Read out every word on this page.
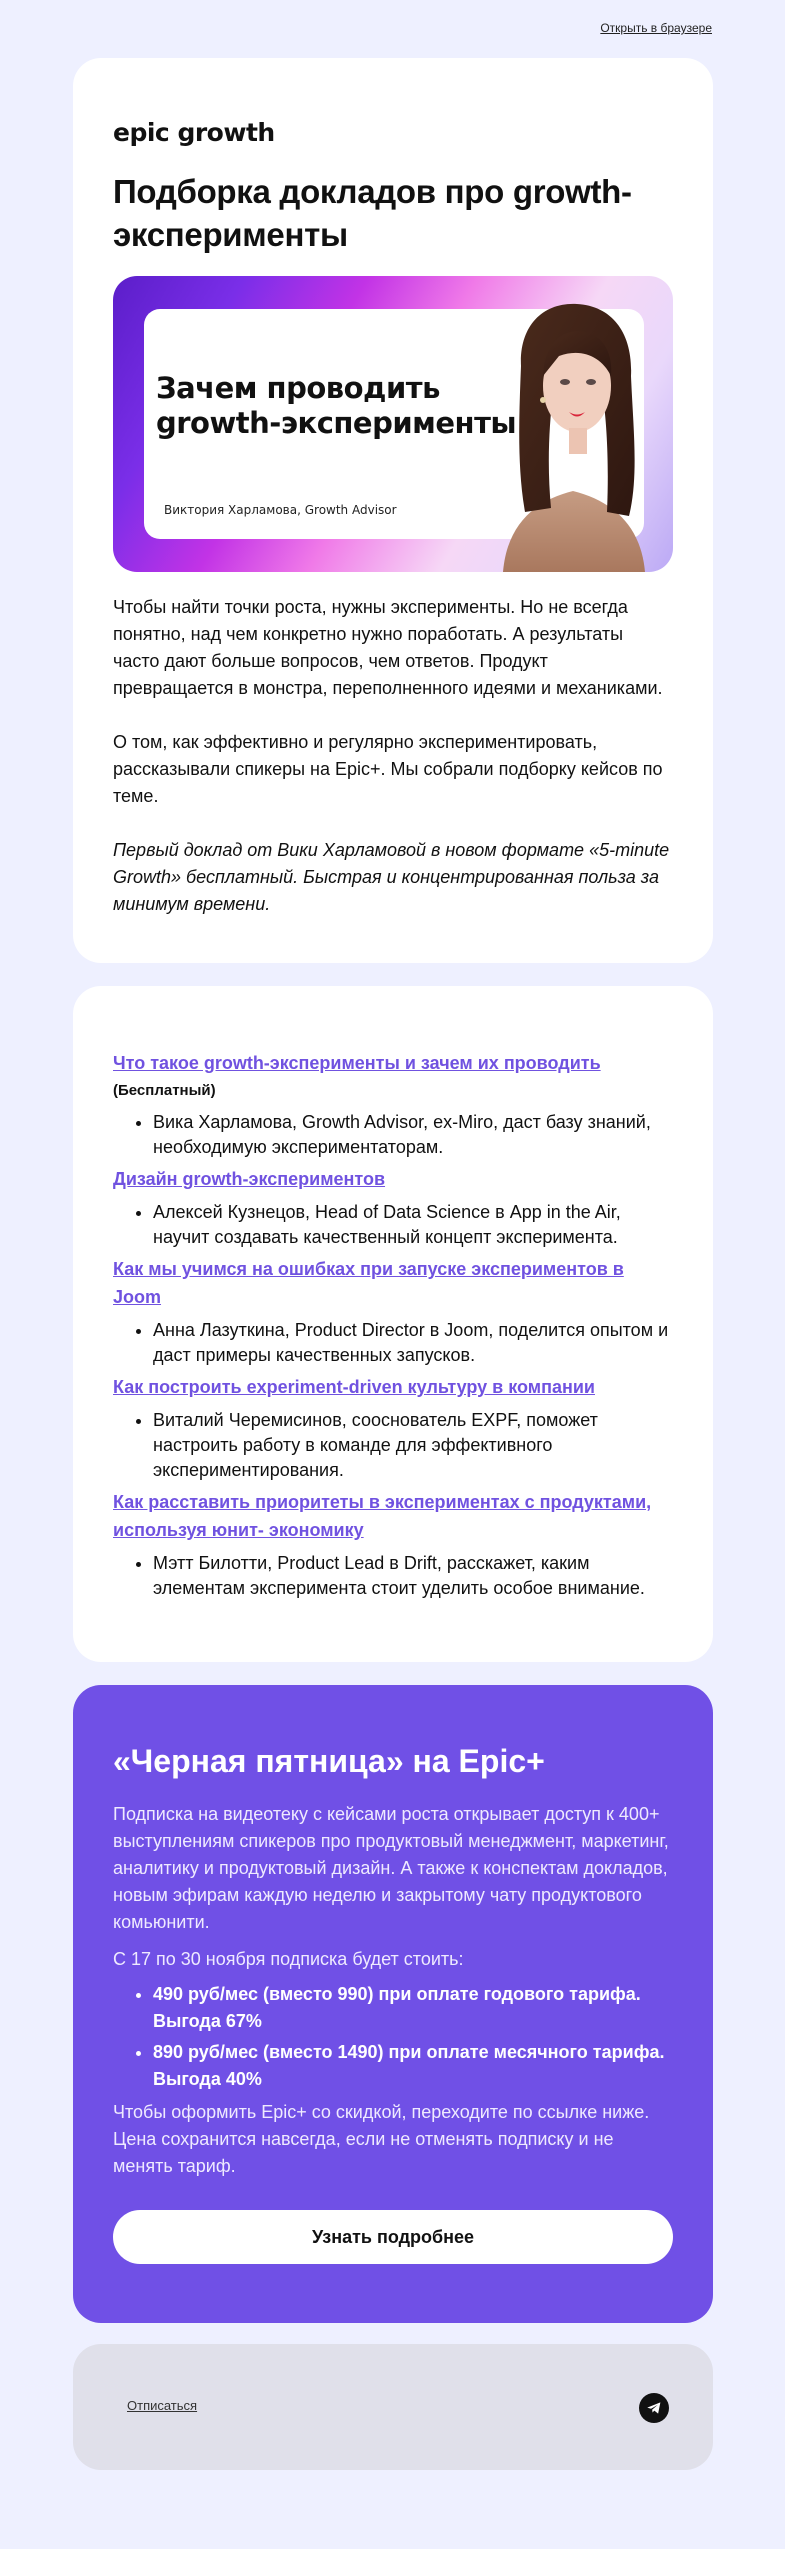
Открыть в браузере
epic growth
Подборка докладов про growth-эксперименты
Зачем проводить growth-эксперименты
Виктория Харламова, Growth Advisor

Чтобы найти точки роста, нужны эксперименты. Но не всегда понятно, над чем конкретно нужно поработать. А результаты часто дают больше вопросов, чем ответов. Продукт превращается в монстра, переполненного идеями и механиками.

О том, как эффективно и регулярно экспериментировать, рассказывали спикеры на Epic+. Мы собрали подборку кейсов по теме.

Первый доклад от Вики Харламовой в новом формате «5-minute Growth» бесплатный. Быстрая и концентрированная польза за минимум времени.

Что такое growth-эксперименты и зачем их проводить (Бесплатный)
• Вика Харламова, Growth Advisor, ex-Miro, даст базу знаний, необходимую экспериментаторам.
Дизайн growth-экспериментов
• Алексей Кузнецов, Head of Data Science в App in the Air, научит создавать качественный концепт эксперимента.
Как мы учимся на ошибках при запуске экспериментов в Joom
• Анна Лазуткина, Product Director в Joom, поделится опытом и даст примеры качественных запусков.
Как построить experiment-driven культуру в компании
• Виталий Черемисинов, сооснователь EXPF, поможет настроить работу в команде для эффективного экспериментирования.
Как расставить приоритеты в экспериментах с продуктами, используя юнит- экономику
• Мэтт Билотти, Product Lead в Drift, расскажет, каким элементам эксперимента стоит уделить особое внимание.
«Черная пятница» на Epic+

Подписка на видеотеку с кейсами роста открывает доступ к 400+ выступлениям спикеров про продуктовый менеджмент, маркетинг, аналитику и продуктовый дизайн. А также к конспектам докладов, новым эфирам каждую неделю и закрытому чату продуктового комьюнити.

С 17 по 30 ноября подписка будет стоить:

• 490 руб/мес (вместо 990) при оплате годового тарифа. Выгода 67%
• 890 руб/мес (вместо 1490) при оплате месячного тарифа. Выгода 40%

Чтобы оформить Epic+ со скидкой, переходите по ссылке ниже. Цена сохранится навсегда, если не отменять подписку и не менять тариф.

Узнать подробнее
Отписаться
